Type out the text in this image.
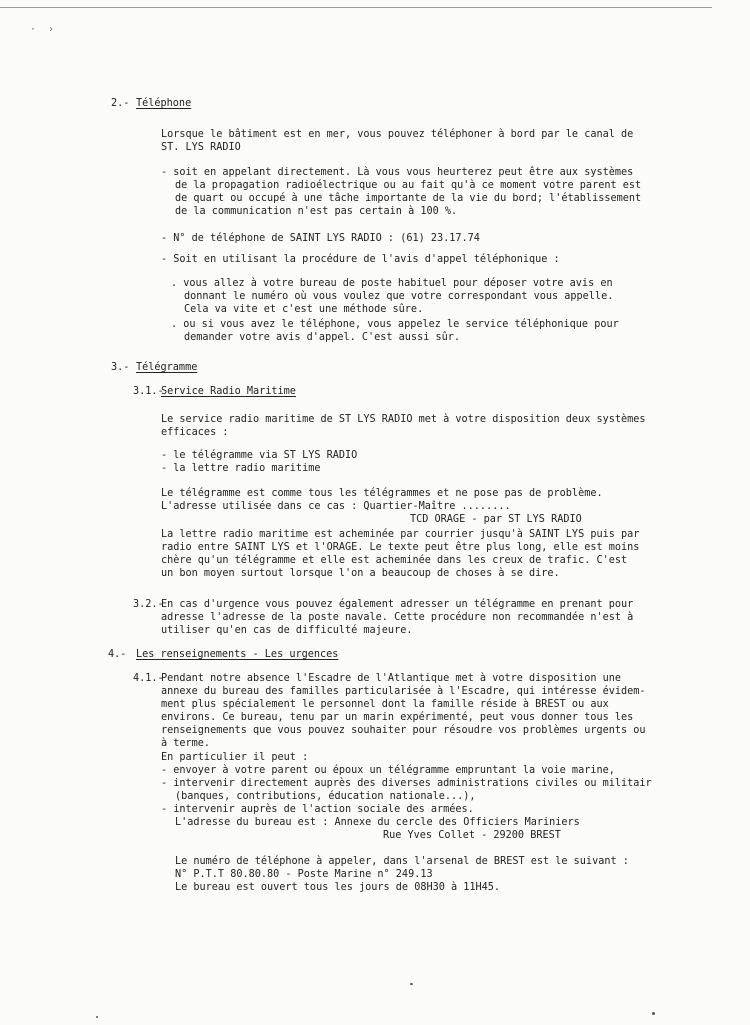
· ›
2.- Téléphone
Lorsque le bâtiment est en mer, vous pouvez téléphoner à bord par le canal de
ST. LYS RADIO
- soit en appelant directement. Là vous vous heurterez peut être aux systèmes
de la propagation radioélectrique ou au fait qu'à ce moment votre parent est
de quart ou occupé à une tâche importante de la vie du bord; l'établissement
de la communication n'est pas certain à 100 %.
- N° de téléphone de SAINT LYS RADIO : (61) 23.17.74
- Soit en utilisant la procédure de l'avis d'appel téléphonique :
. vous allez à votre bureau de poste habituel pour déposer votre avis en
donnant le numéro où vous voulez que votre correspondant vous appelle.
Cela va vite et c'est une méthode sûre.
. ou si vous avez le téléphone, vous appelez le service téléphonique pour
demander votre avis d'appel. C'est aussi sûr.
3.- Télégramme
3.1.-
Service Radio Maritime
Le service radio maritime de ST LYS RADIO met à votre disposition deux systèmes
efficaces :
- le télégramme via ST LYS RADIO
- la lettre radio maritime
Le télégramme est comme tous les télégrammes et ne pose pas de problème.
L'adresse utilisée dans ce cas : Quartier-Maître ........
TCD ORAGE - par ST LYS RADIO
La lettre radio maritime est acheminée par courrier jusqu'à SAINT LYS puis par
radio entre SAINT LYS et l'ORAGE. Le texte peut être plus long, elle est moins
chère qu'un télégramme et elle est acheminée dans les creux de trafic. C'est
un bon moyen surtout lorsque l'on a beaucoup de choses à se dire.
3.2.-
En cas d'urgence vous pouvez également adresser un télégramme en prenant pour
adresse l'adresse de la poste navale. Cette procédure non recommandée n'est à
utiliser qu'en cas de difficulté majeure.
4.- Les renseignements - Les urgences
4.1.-
Pendant notre absence l'Escadre de l'Atlantique met à votre disposition une
annexe du bureau des familles particularisée à l'Escadre, qui intéresse évidem-
ment plus spécialement le personnel dont la famille réside à BREST ou aux
environs. Ce bureau, tenu par un marin expérimenté, peut vous donner tous les
renseignements que vous pouvez souhaiter pour résoudre vos problèmes urgents ou
à terme.
En particulier il peut :
- envoyer à votre parent ou époux un télégramme empruntant la voie marine,
- intervenir directement auprès des diverses administrations civiles ou militair
(banques, contributions, éducation nationale...),
- intervenir auprès de l'action sociale des armées.
L'adresse du bureau est : Annexe du cercle des Officiers Mariniers
Rue Yves Collet - 29200 BREST
Le numéro de téléphone à appeler, dans l'arsenal de BREST est le suivant :
N° P.T.T 80.80.80 - Poste Marine n° 249.13
Le bureau est ouvert tous les jours de 08H30 à 11H45.
